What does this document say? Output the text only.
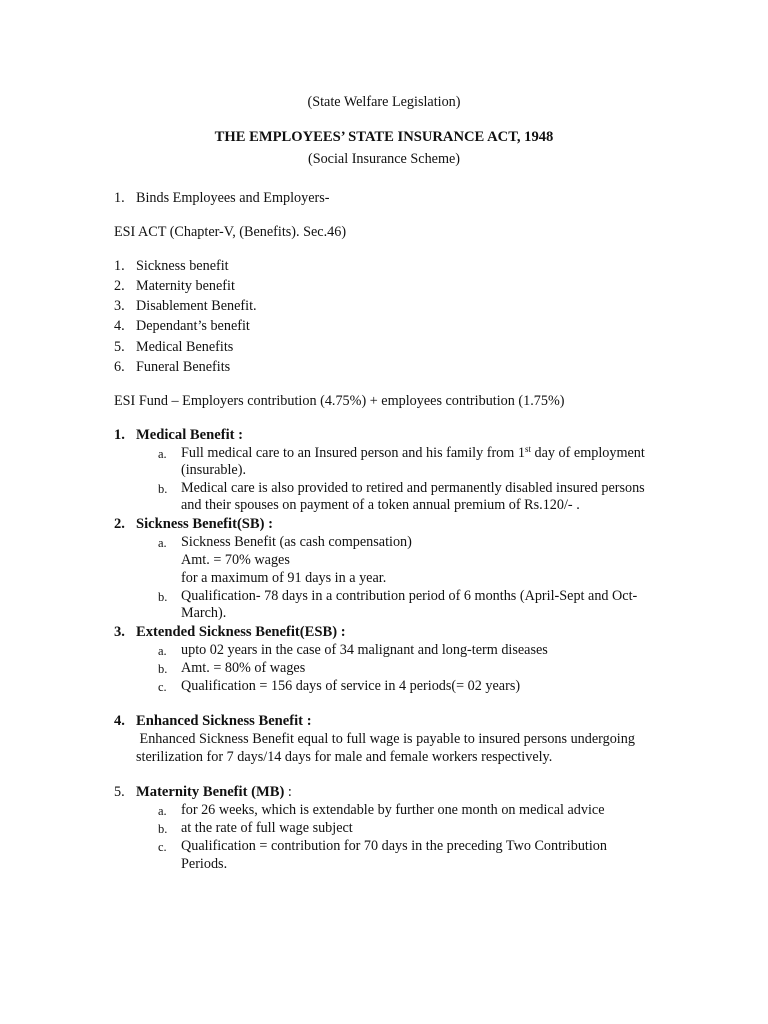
(State Welfare Legislation)
THE EMPLOYEES’ STATE INSURANCE ACT, 1948
(Social Insurance Scheme)
1. Binds Employees and Employers-
ESI ACT (Chapter-V, (Benefits). Sec.46)
1. Sickness benefit
2. Maternity benefit
3. Disablement Benefit.
4. Dependant’s benefit
5. Medical Benefits
6. Funeral Benefits
ESI Fund – Employers contribution (4.75%) + employees contribution (1.75%)
1. Medical Benefit :
a.	Full medical care to an Insured person and his family from 1st day of employment
(insurable).
b. Medical care is also provided to retired and permanently disabled insured persons
and their spouses on payment of a token annual premium of Rs.120/- .
2. Sickness Benefit(SB) :
a.	Sickness Benefit (as cash compensation)
Amt. = 70% wages
for a maximum of 91 days in a year.
b. Qualification- 78 days in a contribution period of 6 months (April-Sept and Oct-
March).
3. Extended Sickness Benefit(ESB) :
a.	upto 02 years in the case of 34 malignant and long-term diseases
b. Amt. = 80% of wages
c.	Qualification = 156 days of service in 4 periods(= 02 years)
4. Enhanced Sickness Benefit :
Enhanced Sickness Benefit equal to full wage is payable to insured persons undergoing
sterilization for 7 days/14 days for male and female workers respectively.
5. Maternity Benefit (MB) :
a.	for 26 weeks, which is extendable by further one month on medical advice
b. at the rate of full wage subject
c.	Qualification = contribution for 70 days in the preceding Two Contribution
Periods.
